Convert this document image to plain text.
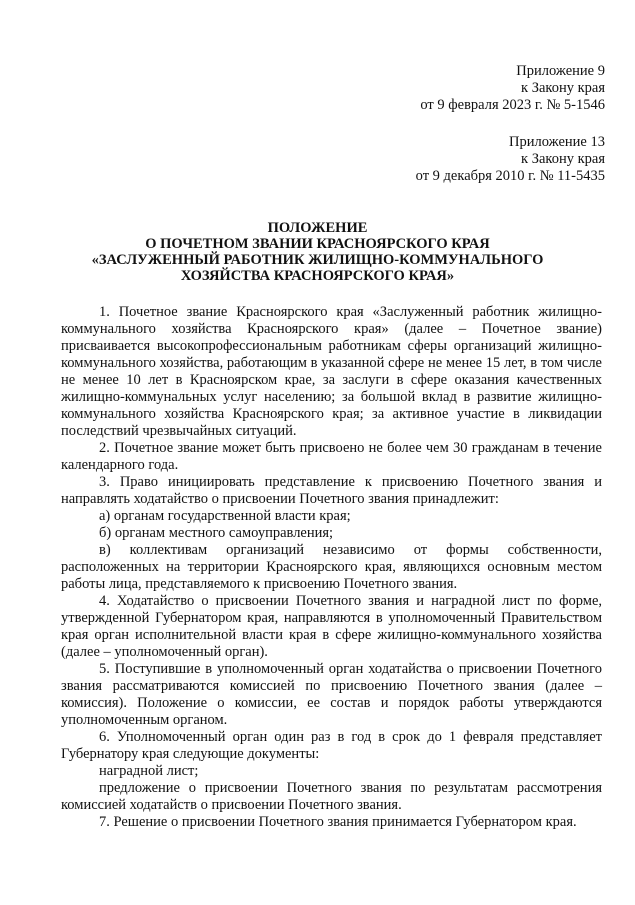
Приложение 9
к Закону края
от 9 февраля 2023 г. № 5-1546
Приложение 13
к Закону края
от 9 декабря 2010 г. № 11-5435
ПОЛОЖЕНИЕ
О ПОЧЕТНОМ ЗВАНИИ КРАСНОЯРСКОГО КРАЯ
«ЗАСЛУЖЕННЫЙ РАБОТНИК ЖИЛИЩНО-КОММУНАЛЬНОГО
ХОЗЯЙСТВА КРАСНОЯРСКОГО КРАЯ»

1. Почетное звание Красноярского края «Заслуженный работник жилищно-коммунального хозяйства Красноярского края» (далее – Почетное звание) присваивается высокопрофессиональным работникам сферы организаций жилищно-коммунального хозяйства, работающим в указанной сфере не менее 15 лет, в том числе не менее 10 лет в Красноярском крае, за заслуги в сфере оказания качественных жилищно-коммунальных услуг населению; за большой вклад в развитие жилищно-коммунального хозяйства Красноярского края; за активное участие в ликвидации последствий чрезвычайных ситуаций.

2. Почетное звание может быть присвоено не более чем 30 гражданам в течение календарного года.

3. Право инициировать представление к присвоению Почетного звания и направлять ходатайство о присвоении Почетного звания принадлежит:

а) органам государственной власти края;

б) органам местного самоуправления;

в) коллективам организаций независимо от формы собственности, расположенных на территории Красноярского края, являющихся основным местом работы лица, представляемого к присвоению Почетного звания.

4. Ходатайство о присвоении Почетного звания и наградной лист по форме, утвержденной Губернатором края, направляются в уполномоченный Правительством края орган исполнительной власти края в сфере жилищно-коммунального хозяйства (далее – уполномоченный орган).

5. Поступившие в уполномоченный орган ходатайства о присвоении Почетного звания рассматриваются комиссией по присвоению Почетного звания (далее – комиссия). Положение о комиссии, ее состав и порядок работы утверждаются уполномоченным органом.

6. Уполномоченный орган один раз в год в срок до 1 февраля представляет Губернатору края следующие документы:

наградной лист;

предложение о присвоении Почетного звания по результатам рассмотрения комиссией ходатайств о присвоении Почетного звания.

7. Решение о присвоении Почетного звания принимается Губернатором края.
